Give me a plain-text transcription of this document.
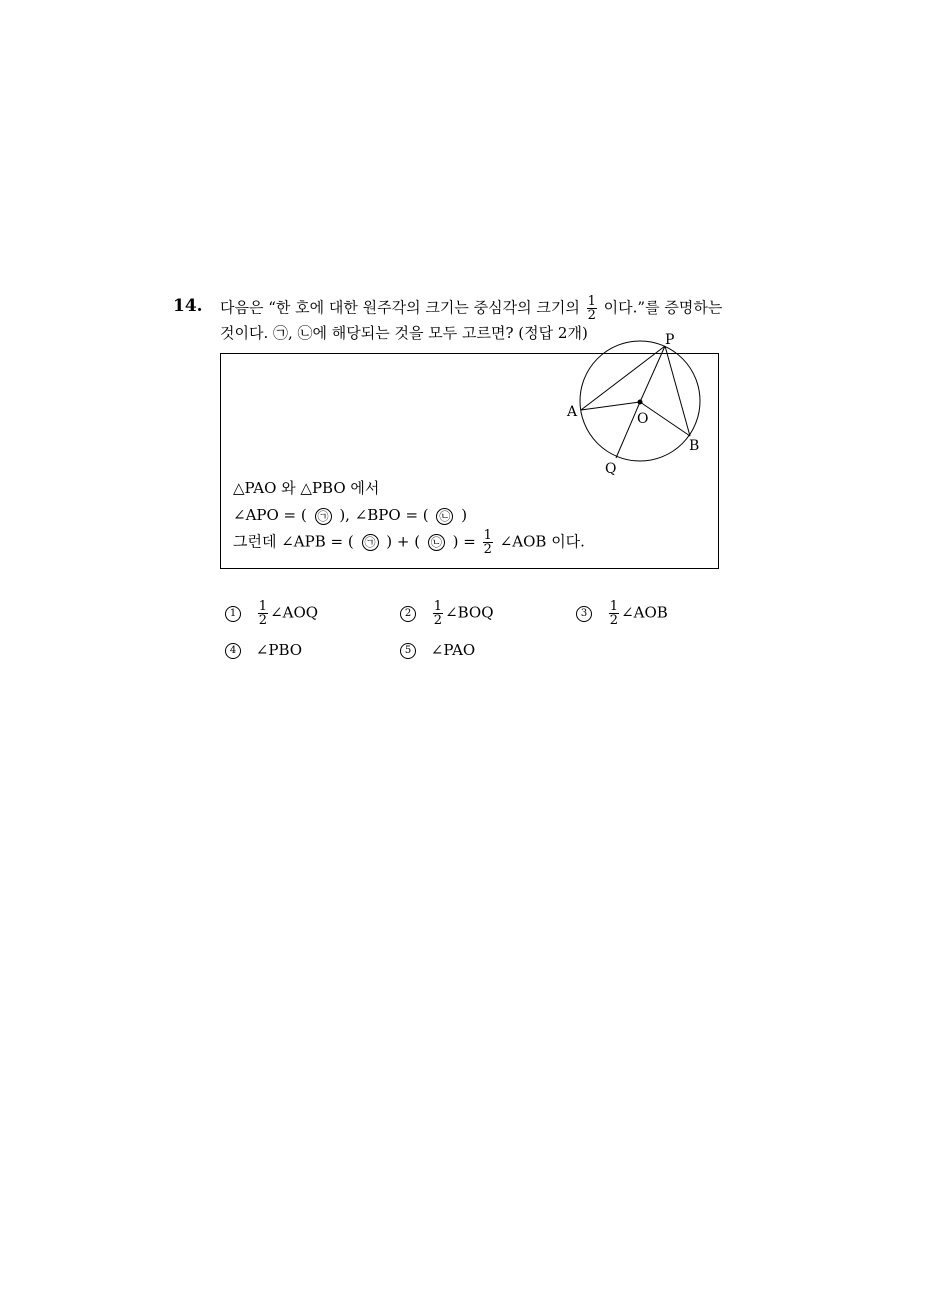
14. 다음은 “한 호에 대한 원주각의 크기는 중심각의 크기의 $\frac{1}{2}$ 이다.”를 증명하는
것이다. ㉠, ㉡에 해당되는 것을 모두 고르면? (정답 2개)	P
A	O
B
Q
△PAO 와 △PBO 에서
∠APO = ( ㉠ ), ∠BPO = ( ㉡ )
그런데 ∠APB = ( ㉠ ) + ( ㉡ ) = $\frac{1}{2}$ ∠AOB 이다.
$1 \frac{1}{2}$ ∠AOQ	$2 \frac{1}{2}$ ∠BOQ	$3 \frac{1}{2}$ ∠AOB
4 ∠PBO	5 ∠PAO
